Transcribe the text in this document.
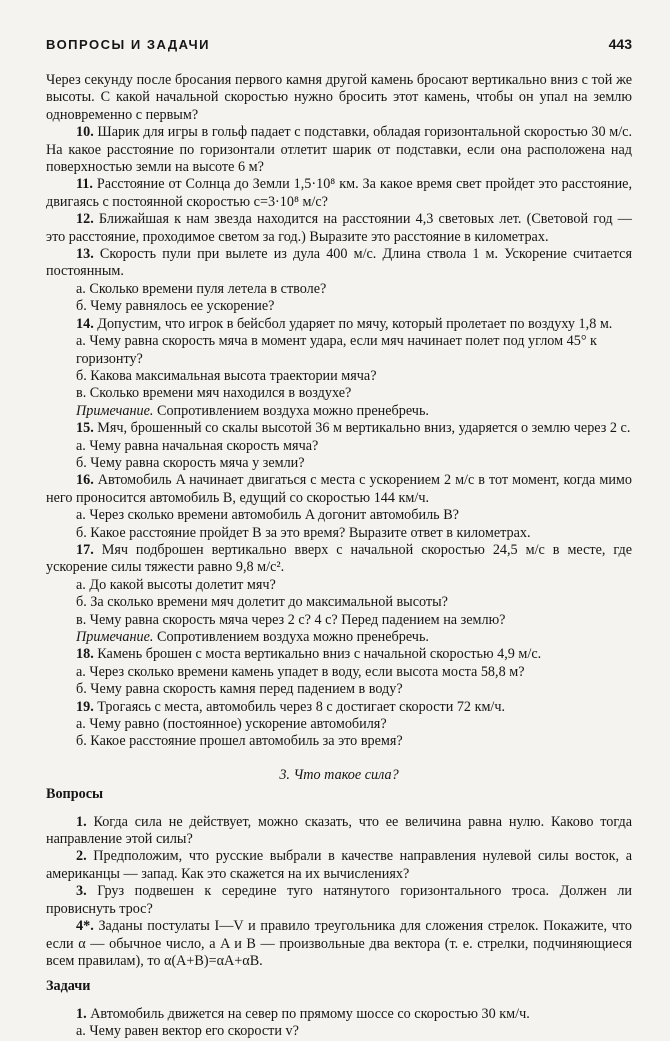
ВОПРОСЫ И ЗАДАЧИ	443

Через секунду после бросания первого камня другой камень бросают вертикально вниз с той же высоты. С какой начальной скоростью нужно бросить этот камень, чтобы он упал на землю одновременно с первым?

10. Шарик для игры в гольф падает с подставки, обладая горизонтальной скоростью 30 м/с. На какое расстояние по горизонтали отлетит шарик от подставки, если она расположена над поверхностью земли на высоте 6 м?

11. Расстояние от Солнца до Земли 1,5·10⁸ км. За какое время свет пройдет это расстояние, двигаясь с постоянной скоростью c=3·10⁸ м/с?

12. Ближайшая к нам звезда находится на расстоянии 4,3 световых лет. (Световой год — это расстояние, проходимое светом за год.) Выразите это расстояние в километрах.

13. Скорость пули при вылете из дула 400 м/с. Длина ствола 1 м. Ускорение считается постоянным.

а. Сколько времени пуля летела в стволе?

б. Чему равнялось ее ускорение?

14. Допустим, что игрок в бейсбол ударяет по мячу, который пролетает по воздуху 1,8 м.

а. Чему равна скорость мяча в момент удара, если мяч начинает полет под углом 45° к горизонту?

б. Какова максимальная высота траектории мяча?

в. Сколько времени мяч находился в воздухе?

Примечание. Сопротивлением воздуха можно пренебречь.

15. Мяч, брошенный со скалы высотой 36 м вертикально вниз, ударяется о землю через 2 с.

а. Чему равна начальная скорость мяча?

б. Чему равна скорость мяча у земли?

16. Автомобиль A начинает двигаться с места с ускорением 2 м/с в тот момент, когда мимо него проносится автомобиль B, едущий со скоростью 144 км/ч.

а. Через сколько времени автомобиль A догонит автомобиль B?

б. Какое расстояние пройдет B за это время? Выразите ответ в километрах.

17. Мяч подброшен вертикально вверх с начальной скоростью 24,5 м/с в месте, где ускорение силы тяжести равно 9,8 м/с².

а. До какой высоты долетит мяч?

б. За сколько времени мяч долетит до максимальной высоты?

в. Чему равна скорость мяча через 2 с? 4 с? Перед падением на землю?

Примечание. Сопротивлением воздуха можно пренебречь.

18. Камень брошен с моста вертикально вниз с начальной скоростью 4,9 м/с.

а. Через сколько времени камень упадет в воду, если высота моста 58,8 м?

б. Чему равна скорость камня перед падением в воду?

19. Трогаясь с места, автомобиль через 8 с достигает скорости 72 км/ч.

а. Чему равно (постоянное) ускорение автомобиля?

б. Какое расстояние прошел автомобиль за это время?

3. Что такое сила?

Вопросы

1. Когда сила не действует, можно сказать, что ее величина равна нулю. Каково тогда направление этой силы?

2. Предположим, что русские выбрали в качестве направления нулевой силы восток, а американцы — запад. Как это скажется на их вычислениях?

3. Груз подвешен к середине туго натянутого горизонтального троса. Должен ли провиснуть трос?

4*. Заданы постулаты I—V и правило треугольника для сложения стрелок. Покажите, что если α — обычное число, а A и B — произвольные два вектора (т. е. стрелки, подчиняющиеся всем правилам), то α(A+B)=αA+αB.

Задачи

1. Автомобиль движется на север по прямому шоссе со скоростью 30 км/ч.

а. Чему равен вектор его скорости v?
